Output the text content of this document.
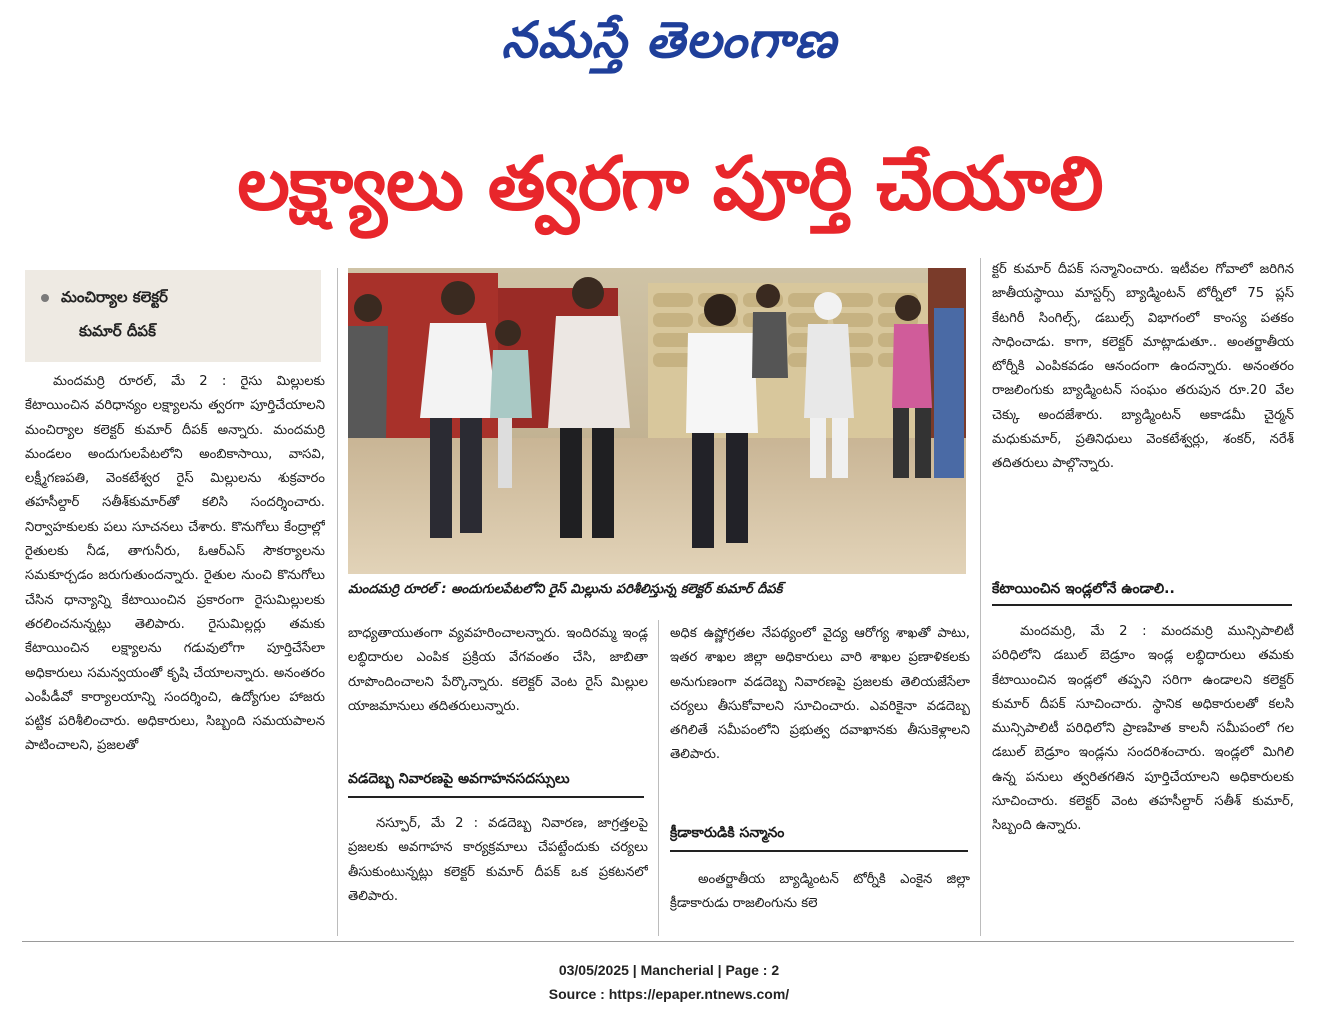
నమస్తే తెలంగాణ
లక్ష్యాలు త్వరగా పూర్తి చేయాలి
మంచిర్యాల కలెక్టర్
కుమార్ దీపక్

మందమర్రి రూరల్, మే 2 : రైసు మిల్లులకు కేటాయించిన వరిధాన్యం లక్ష్యాలను త్వరగా పూర్తిచేయాలని మంచిర్యాల కలెక్టర్ కుమార్ దీపక్ అన్నారు. మందమర్రి మండలం అందుగులపేటలోని అంబికాసాయి, వాసవి, లక్ష్మీగణపతి, వెంకటేశ్వర రైస్ మిల్లులను శుక్రవారం తహసీల్దార్ సతీశ్‌కుమార్‌తో కలిసి సందర్శించారు. నిర్వాహకులకు పలు సూచనలు చేశారు. కొనుగోలు కేంద్రాల్లో రైతులకు నీడ, తాగునీరు, ఓఆర్ఎస్ సౌకర్యాలను సమకూర్చడం జరుగుతుందన్నారు. రైతుల నుంచి కొనుగోలు చేసిన ధాన్యాన్ని కేటాయించిన ప్రకారంగా రైసుమిల్లులకు తరలించనున్నట్లు తెలిపారు. రైసుమిల్లర్లు తమకు కేటాయించిన లక్ష్యాలను గడువులోగా పూర్తిచేసేలా అధికారులు సమన్వయంతో కృషి చేయాలన్నారు. అనంతరం ఎంపీడీవో కార్యాలయాన్ని సందర్శించి, ఉద్యోగుల హాజరు పట్టిక పరిశీలించారు. అధికారులు, సిబ్బంది సమయపాలన పాటించాలని, ప్రజలతో

మందమర్రి రూరల్ : అందుగులపేటలోని రైస్ మిల్లును పరిశీలిస్తున్న కలెక్టర్ కుమార్ దీపక్

బాధ్యతాయుతంగా వ్యవహరించాలన్నారు. ఇందిరమ్మ ఇండ్ల లబ్ధిదారుల ఎంపిక ప్రక్రియ వేగవంతం చేసి, జాబితా రూపొందించాలని పేర్కొన్నారు. కలెక్టర్ వెంట రైస్ మిల్లుల యాజమానులు తదితరులున్నారు.

వడదెబ్బ నివారణపై అవగాహనసదస్సులు

నస్పూర్, మే 2 : వడదెబ్బ నివారణ, జాగ్రత్తలపై ప్రజలకు అవగాహన కార్యక్రమాలు చేపట్టేందుకు చర్యలు తీసుకుంటున్నట్లు కలెక్టర్ కుమార్ దీపక్ ఒక ప్రకటనలో తెలిపారు.

అధిక ఉష్ణోగ్రతల నేపథ్యంలో వైద్య ఆరోగ్య శాఖతో పాటు, ఇతర శాఖల జిల్లా అధికారులు వారి శాఖల ప్రణాళికలకు అనుగుణంగా వడదెబ్బ నివారణపై ప్రజలకు తెలియజేసేలా చర్యలు తీసుకోవాలని సూచించారు. ఎవరికైనా వడదెబ్బ తగిలితే సమీపంలోని ప్రభుత్వ దవాఖానకు తీసుకెళ్లాలని తెలిపారు.

క్రీడాకారుడికి సన్మానం

అంతర్జాతీయ బ్యాడ్మింటన్ టోర్నీకి ఎంకైన జిల్లా క్రీడాకారుడు రాజలింగును కలె

క్టర్ కుమార్ దీపక్ సన్మానించారు. ఇటీవల గోవాలో జరిగిన జాతీయస్థాయి మాస్టర్స్ బ్యాడ్మింటన్ టోర్నీలో 75 ప్లస్ కేటగిరీ సింగిల్స్, డబుల్స్ విభాగంలో కాంస్య పతకం సాధించాడు. కాగా, కలెక్టర్ మాట్లాడుతూ.. అంతర్జాతీయ టోర్నీకి ఎంపికవడం ఆనందంగా ఉందన్నారు. అనంతరం రాజలింగుకు బ్యాడ్మింటన్ సంఘం తరుపున రూ.20 వేల చెక్కు అందజేశారు. బ్యాడ్మింటన్ అకాడమీ చైర్మన్ మధుకుమార్, ప్రతినిధులు వెంకటేశ్వర్లు, శంకర్, నరేశ్ తదితరులు పాల్గొన్నారు.

కేటాయించిన ఇండ్లలోనే ఉండాలి..

మందమర్రి, మే 2 : మందమర్రి మున్సిపాలిటీ పరిధిలోని డబుల్ బెడ్రూం ఇండ్ల లబ్ధిదారులు తమకు కేటాయించిన ఇండ్లలో తప్పని సరిగా ఉండాలని కలెక్టర్ కుమార్ దీపక్ సూచించారు. స్థానిక అధికారులతో కలసి మున్సిపాలిటీ పరిధిలోని ప్రాణహిత కాలనీ సమీపంలో గల డబుల్ బెడ్రూం ఇండ్లను సందరిశంచారు. ఇండ్లలో మిగిలి ఉన్న పనులు త్వరితగతిన పూర్తిచేయాలని అధికారులకు సూచించారు. కలెక్టర్ వెంట తహసీల్దార్ సతీశ్ కుమార్, సిబ్బంది ఉన్నారు.

03/05/2025 | Mancherial | Page : 2
Source : https://epaper.ntnews.com/
